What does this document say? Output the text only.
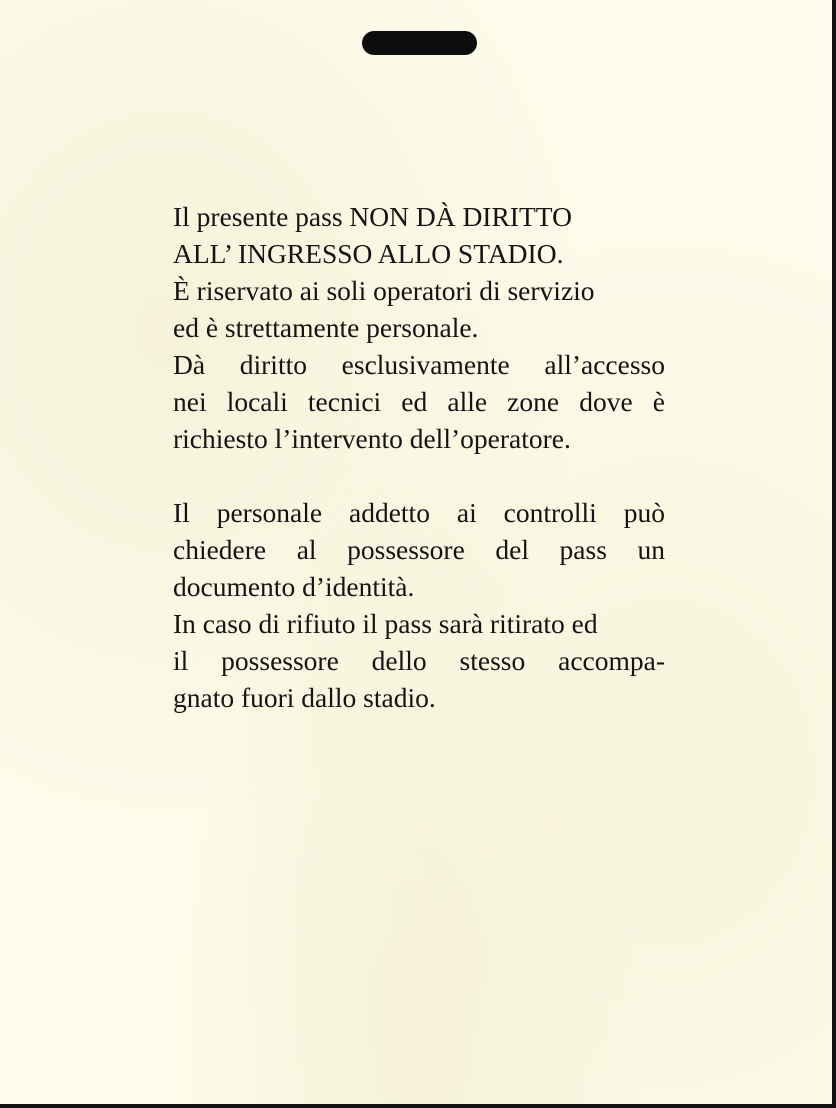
Il presente pass NON DÀ DIRITTO
ALL’ INGRESSO ALLO STADIO.
È riservato ai soli operatori di servizio
ed è strettamente personale.
Dà diritto esclusivamente all’accesso
nei locali tecnici ed alle zone dove è
richiesto l’intervento dell’operatore.
Il personale addetto ai controlli può
chiedere al possessore del pass un
documento d’identità.
In caso di rifiuto il pass sarà ritirato ed
il possessore dello stesso accompa-
gnato fuori dallo stadio.
